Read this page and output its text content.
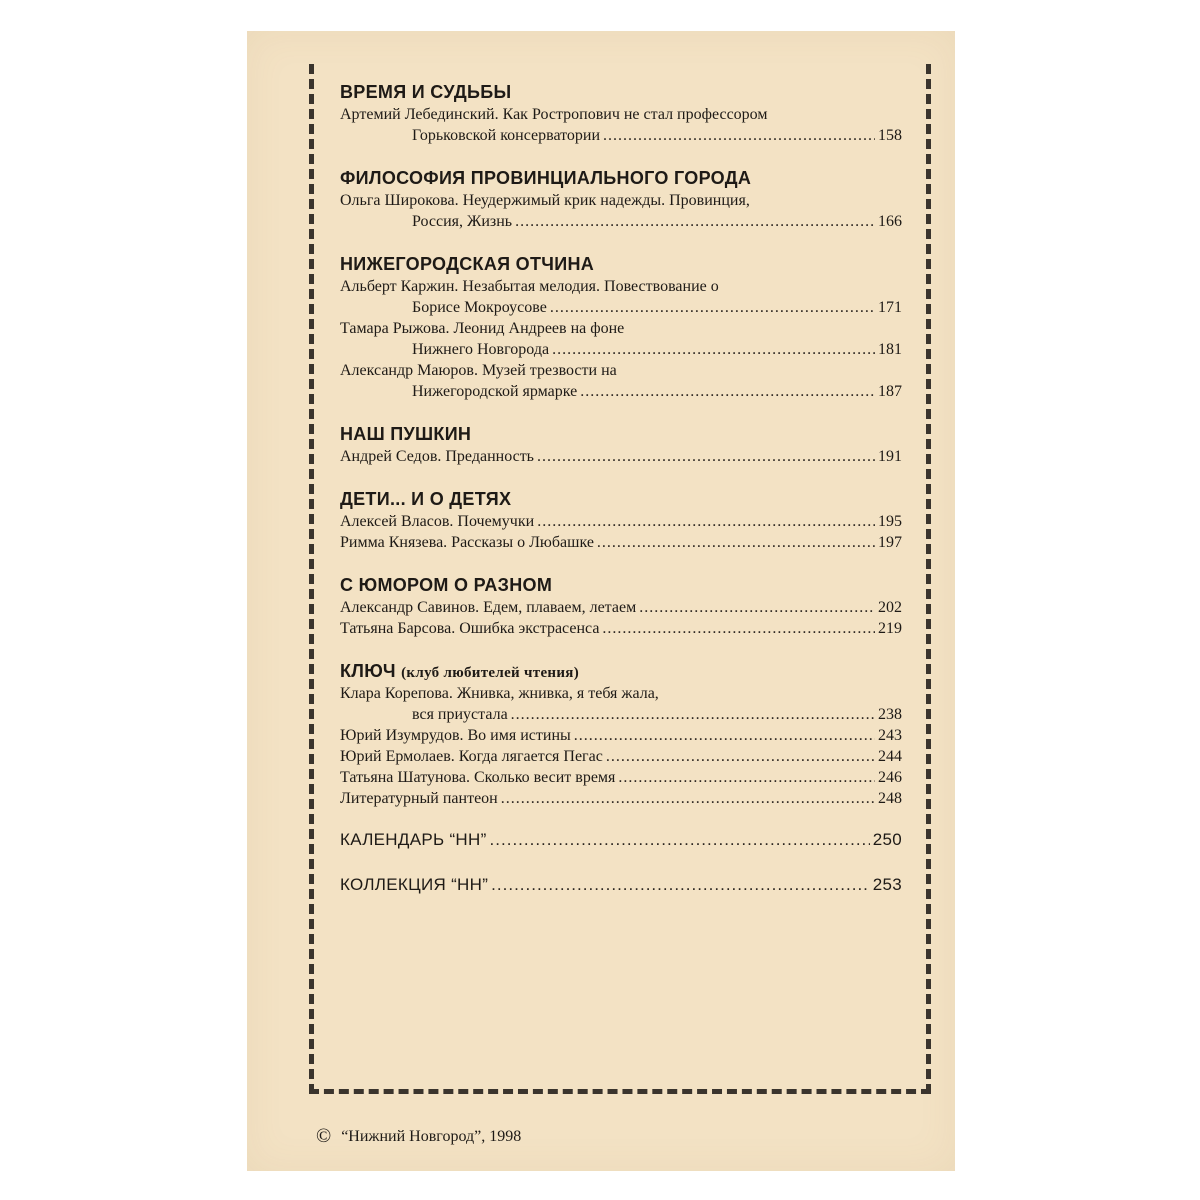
ВРЕМЯ И СУДЬБЫ
Артемий Лебединский. Как Ростропович не стал профессором
Горьковской консерватории .....	158
ФИЛОСОФИЯ ПРОВИНЦИАЛЬНОГО ГОРОДА
Ольга Широкова. Неудержимый крик надежды. Провинция,
Россия, Жизнь .....	166
НИЖЕГОРОДСКАЯ ОТЧИНА
Альберт Каржин. Незабытая мелодия. Повествование о
Борисе Мокроусове .....	171
Тамара Рыжова. Леонид Андреев на фоне
Нижнего Новгорода .....	181
Александр Маюров. Музей трезвости на
Нижегородской ярмарке .....	187
НАШ ПУШКИН
Андрей Седов. Преданность .....	191
ДЕТИ... И О ДЕТЯХ
Алексей Власов. Почемучки .....	195
Римма Князева. Рассказы о Любашке .....	197
С ЮМОРОМ О РАЗНОМ
Александр Савинов. Едем, плаваем, летаем .....	202
Татьяна Барсова. Ошибка экстрасенса .....	219
КЛЮЧ (клуб любителей чтения)
Клара Корепова. Жнивка, жнивка, я тебя жала,
вся приустала .....	238
Юрий Изумрудов. Во имя истины .....	243
Юрий Ермолаев. Когда лягается Пегас .....	244
Татьяна Шатунова. Сколько весит время .....	246
Литературный пантеон .....	248
КАЛЕНДАРЬ “НН” .....	250
КОЛЛЕКЦИЯ “НН” .....	253
© “Нижний Новгород”, 1998
